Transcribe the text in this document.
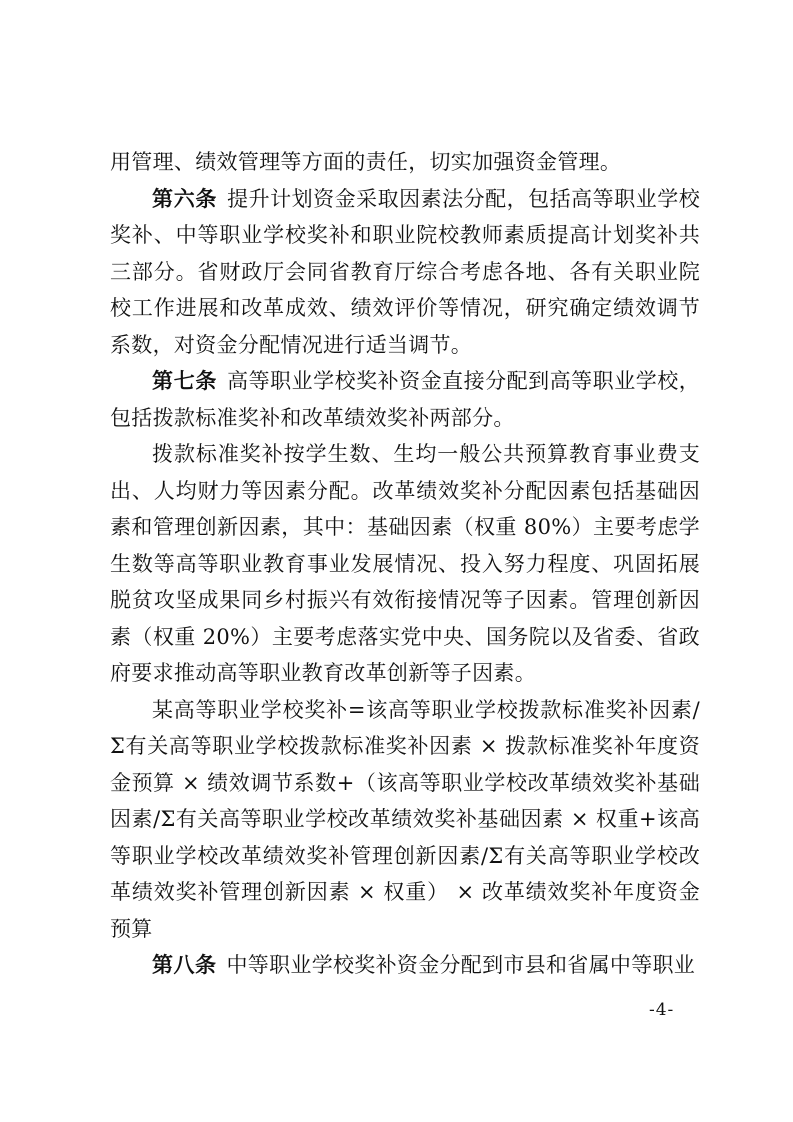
用管理、绩效管理等方面的责任，切实加强资金管理。

第六条 提升计划资金采取因素法分配，包括高等职业学校奖补、中等职业学校奖补和职业院校教师素质提高计划奖补共三部分。省财政厅会同省教育厅综合考虑各地、各有关职业院校工作进展和改革成效、绩效评价等情况，研究确定绩效调节系数，对资金分配情况进行适当调节。

第七条 高等职业学校奖补资金直接分配到高等职业学校，包括拨款标准奖补和改革绩效奖补两部分。

拨款标准奖补按学生数、生均一般公共预算教育事业费支出、人均财力等因素分配。改革绩效奖补分配因素包括基础因素和管理创新因素，其中：基础因素（权重 80%）主要考虑学生数等高等职业教育事业发展情况、投入努力程度、巩固拓展脱贫攻坚成果同乡村振兴有效衔接情况等子因素。管理创新因素（权重 20%）主要考虑落实党中央、国务院以及省委、省政府要求推动高等职业教育改革创新等子因素。

某高等职业学校奖补=该高等职业学校拨款标准奖补因素/Σ有关高等职业学校拨款标准奖补因素 × 拨款标准奖补年度资金预算 × 绩效调节系数+（该高等职业学校改革绩效奖补基础因素/Σ有关高等职业学校改革绩效奖补基础因素 × 权重+该高等职业学校改革绩效奖补管理创新因素/Σ有关高等职业学校改革绩效奖补管理创新因素 × 权重） × 改革绩效奖补年度资金预算

第八条 中等职业学校奖补资金分配到市县和省属中等职业

-4-
